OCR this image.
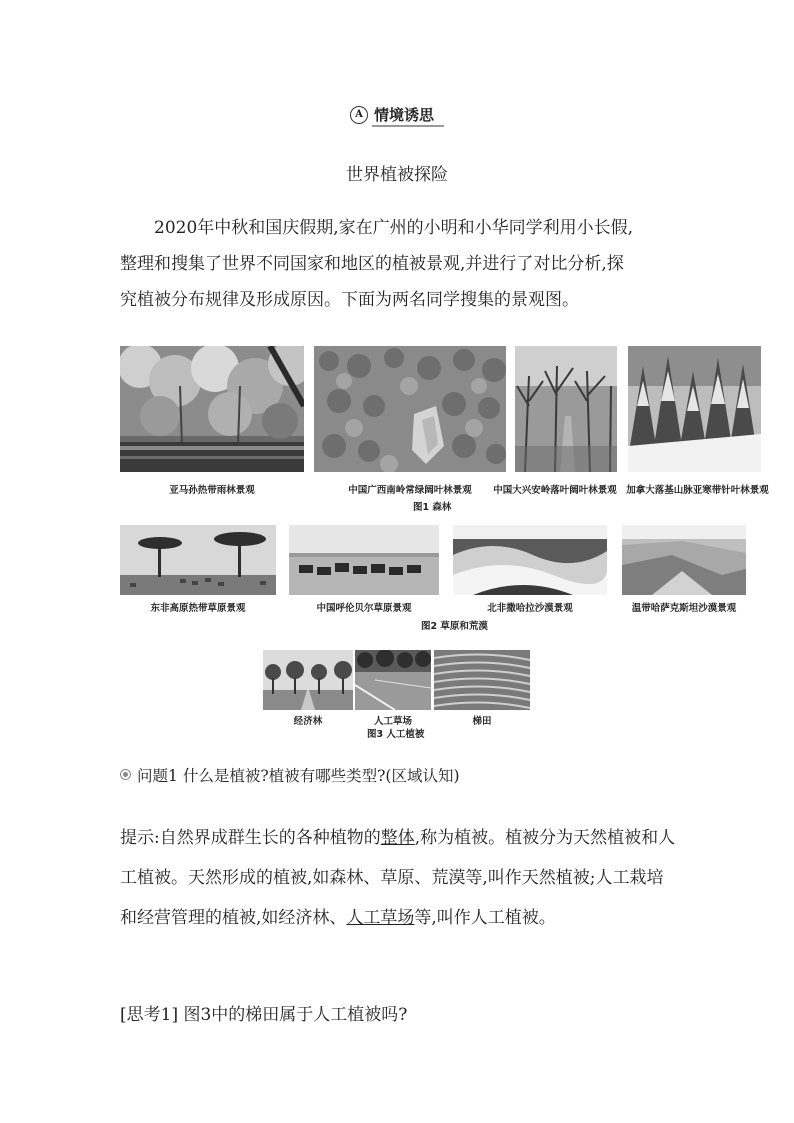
A 情境诱思
世界植被探险
2020年中秋和国庆假期,家在广州的小明和小华同学利用小长假,
整理和搜集了世界不同国家和地区的植被景观,并进行了对比分析,探
究植被分布规律及形成原因。下面为两名同学搜集的景观图。
亚马孙热带雨林景观	中国广西南岭常绿阔叶林景观	中国大兴安岭落叶阔叶林景观 加拿大落基山脉亚寒带针叶林景观
图1 森林
东非高原热带草原景观	中国呼伦贝尔草原景观	北非撒哈拉沙漠景观	温带哈萨克斯坦沙漠景观
图2 草原和荒漠
经济林	人工草场	梯田
图3 人工植被
问题1 什么是植被?植被有哪些类型?(区域认知)
提示:自然界成群生长的各种植物的整体,称为植被。植被分为天然植被和人工植被。天然形成的植被,如森林、草原、荒漠等,叫作天然植被;人工栽培和经营管理的植被,如经济林、人工草场等,叫作人工植被。
[思考1] 图3中的梯田属于人工植被吗?
